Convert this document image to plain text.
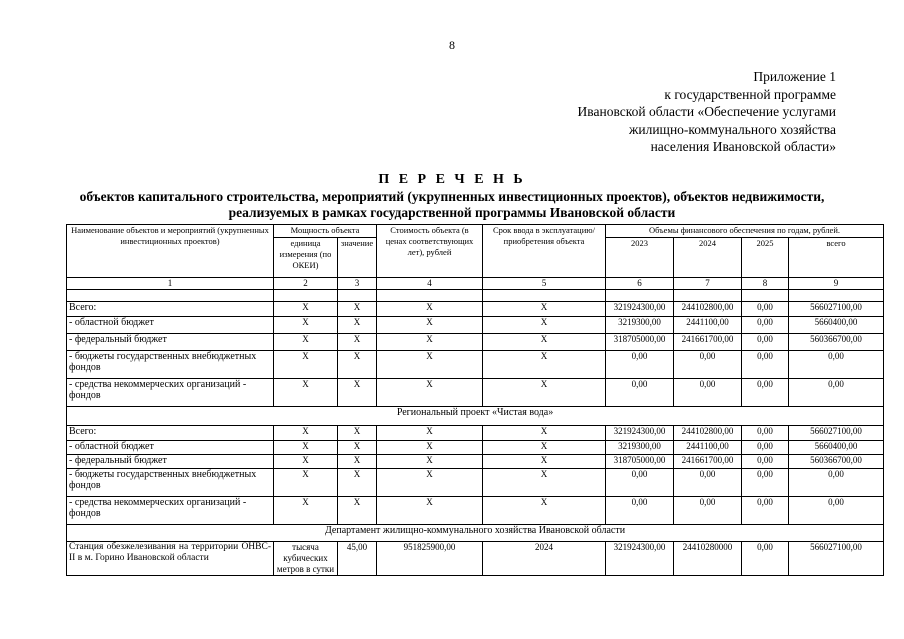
8
Приложение 1
к государственной программе
Ивановской области «Обеспечение услугами
жилищно-коммунального хозяйства
населения Ивановской области»
П Е Р Е Ч Е Н Ь
объектов капитального строительства, мероприятий (укрупненных инвестиционных проектов), объектов недвижимости, реализуемых в рамках государственной программы Ивановской области
Наименование объектов и мероприятий (укрупненных инвестиционных проектов)	Мощность объекта		Стоимость объекта (в ценах соответствующих лет), рублей	Срок ввода в эксплуатацию/ приобретения объекта	Объемы финансового обеспечения по годам, рублей.			
	единица измерения (по ОКЕИ)	значение			2023	2024	2025	всего
1	2	3	4	5	6	7	8	9

Всего:	X	X	X	X	321924300,00	244102800,00	0,00	566027100,00
- областной бюджет	X	X	X	X	3219300,00	2441100,00	0,00	5660400,00
- федеральный бюджет	X	X	X	X	318705000,00	241661700,00	0,00	560366700,00
- бюджеты государственных внебюджетных фондов	X	X	X	X	0,00	0,00	0,00	0,00
- средства некоммерческих организаций - фондов	X	X	X	X	0,00	0,00	0,00	0,00
Региональный проект «Чистая вода»								
Всего:	X	X	X	X	321924300,00	244102800,00	0,00	566027100,00
- областной бюджет	X	X	X	X	3219300,00	2441100,00	0,00	5660400,00
- федеральный бюджет	X	X	X	X	318705000,00	241661700,00	0,00	560366700,00
- бюджеты государственных внебюджетных фондов	X	X	X	X	0,00	0,00	0,00	0,00
- средства некоммерческих организаций - фондов	X	X	X	X	0,00	0,00	0,00	0,00
Департамент жилищно-коммунального хозяйства Ивановской области								
Станция обезжелезивания на территории ОНВС-II в м. Горино Ивановской области	тысяча кубических метров в сутки	45,00	951825900,00	2024	321924300,00	24410280000	0,00	566027100,00
